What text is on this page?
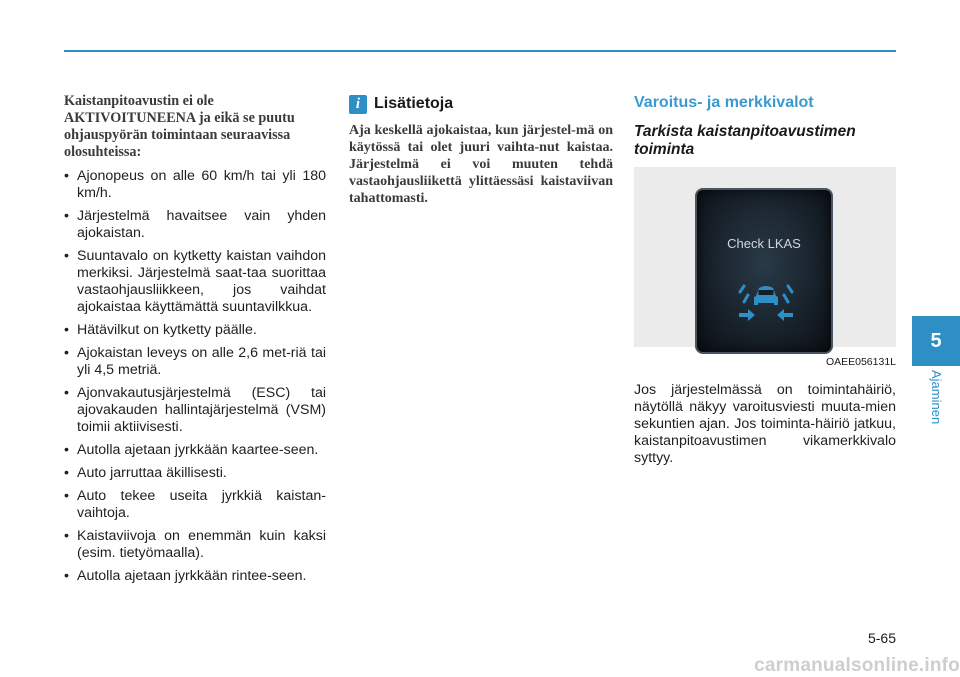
Kaistanpitoavustin ei ole AKTIVOITUNEENA ja eikä se puutu ohjauspyörän toimintaan seuraavissa olosuhteissa:
• Ajonopeus on alle 60 km/h tai yli 180 km/h.
• Järjestelmä havaitsee vain yhden ajokaistan.
• Suuntavalo on kytketty kaistan vaihdon merkiksi. Järjestelmä saat-taa suorittaa vastaohjausliikkeen, jos vaihdat ajokaistaa käyttämättä suuntavilkkua.
• Hätävilkut on kytketty päälle.
• Ajokaistan leveys on alle 2,6 met-riä tai yli 4,5 metriä.
• Ajonvakautusjärjestelmä (ESC) tai ajovakauden hallintajärjestelmä (VSM) toimii aktiivisesti.
• Autolla ajetaan jyrkkään kaartee-seen.
• Auto jarruttaa äkillisesti.
• Auto tekee useita jyrkkiä kaistan-vaihtoja.
• Kaistaviivoja on enemmän kuin kaksi (esim. tietyömaalla).
• Autolla ajetaan jyrkkään rintee-seen.
i Lisätietoja
Aja keskellä ajokaistaa, kun järjestel-mä on käytössä tai olet juuri vaihta-nut kaistaa. Järjestelmä ei voi muuten tehdä vastaohjausliikettä ylittäessäsi kaistaviivan tahattomasti.
Varoitus- ja merkkivalot
Tarkista kaistanpitoavustimen toiminta
Check LKAS
OAEE056131L
Jos järjestelmässä on toimintahäiriö, näytöllä näkyy varoitusviesti muuta-mien sekuntien ajan. Jos toiminta-häiriö jatkuu, kaistanpitoavustimen vikamerkkivalo syttyy.
5
Ajaminen
5-65
carmanualsonline.info
